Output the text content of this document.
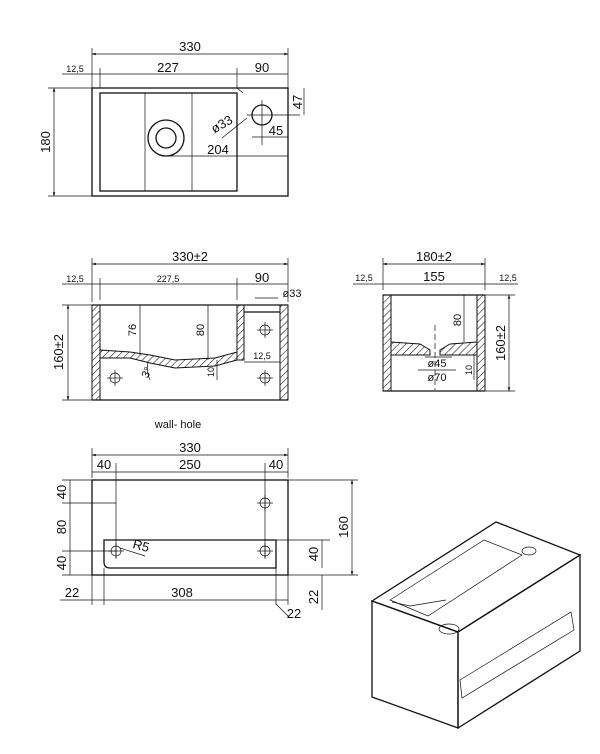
330
12,5	227	90
180
47
ø33	45
204
330±2
12,5	227,5	90
ø33
76	80
10
12,5
3°
160±2
180±2
12,5	155	12,5
80
ø45
ø70
10
160±2
wall- hole
330
40	250	40
R5
40
80
40
160
40
22	308
22
22
